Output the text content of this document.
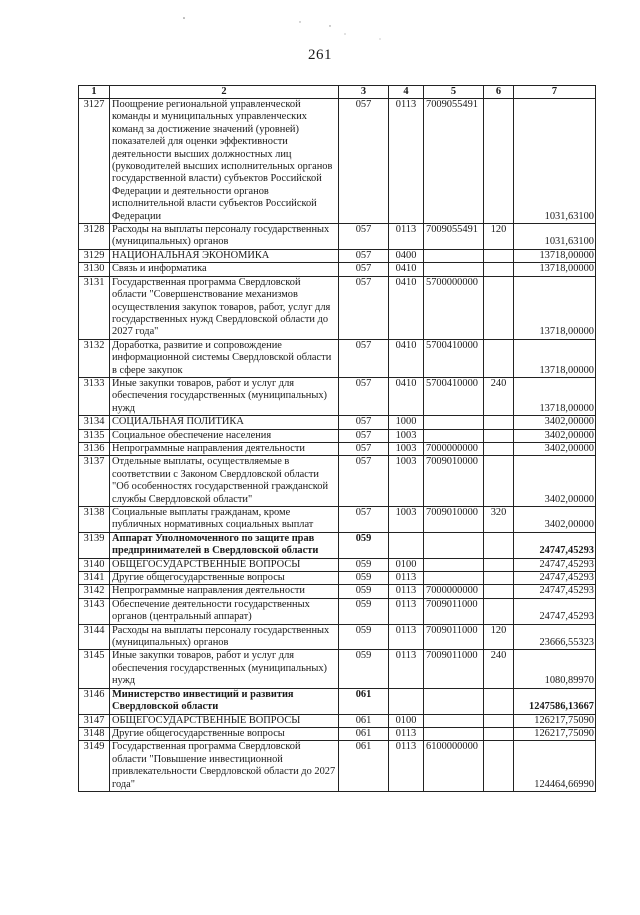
261
1	2	3	4	5	6	7
3127	Поощрение региональной управленческой команды и муниципальных управленческих команд за достижение значений (уровней) показателей для оценки эффективности деятельности высших должностных лиц (руководителей высших исполнительных органов государственной власти) субъектов Российской Федерации и деятельности органов исполнительной власти субъектов Российской Федерации	057	0113	7009055491		1031,63100
3128	Расходы на выплаты персоналу государственных (муниципальных) органов	057	0113	7009055491	120	1031,63100
3129	НАЦИОНАЛЬНАЯ ЭКОНОМИКА	057	0400			13718,00000
3130	Связь и информатика	057	0410			13718,00000
3131	Государственная программа Свердловской области "Совершенствование механизмов осуществления закупок товаров, работ, услуг для государственных нужд Свердловской области до 2027 года"	057	0410	5700000000		13718,00000
3132	Доработка, развитие и сопровождение информационной системы Свердловской области в сфере закупок	057	0410	5700410000		13718,00000
3133	Иные закупки товаров, работ и услуг для обеспечения государственных (муниципальных) нужд	057	0410	5700410000	240	13718,00000
3134	СОЦИАЛЬНАЯ ПОЛИТИКА	057	1000			3402,00000
3135	Социальное обеспечение населения	057	1003			3402,00000
3136	Непрограммные направления деятельности	057	1003	7000000000		3402,00000
3137	Отдельные выплаты, осуществляемые в соответствии с Законом Свердловской области "Об особенностях государственной гражданской службы Свердловской области"	057	1003	7009010000		3402,00000
3138	Социальные выплаты гражданам, кроме публичных нормативных социальных выплат	057	1003	7009010000	320	3402,00000
3139	Аппарат Уполномоченного по защите прав предпринимателей в Свердловской области	059				24747,45293
3140	ОБЩЕГОСУДАРСТВЕННЫЕ ВОПРОСЫ	059	0100			24747,45293
3141	Другие общегосударственные вопросы	059	0113			24747,45293
3142	Непрограммные направления деятельности	059	0113	7000000000		24747,45293
3143	Обеспечение деятельности государственных органов (центральный аппарат)	059	0113	7009011000		24747,45293
3144	Расходы на выплаты персоналу государственных (муниципальных) органов	059	0113	7009011000	120	23666,55323
3145	Иные закупки товаров, работ и услуг для обеспечения государственных (муниципальных) нужд	059	0113	7009011000	240	1080,89970
3146	Министерство инвестиций и развития Свердловской области	061				1247586,13667
3147	ОБЩЕГОСУДАРСТВЕННЫЕ ВОПРОСЫ	061	0100			126217,75090
3148	Другие общегосударственные вопросы	061	0113			126217,75090
3149	Государственная программа Свердловской области "Повышение инвестиционной привлекательности Свердловской области до 2027 года"	061	0113	6100000000		124464,66990
